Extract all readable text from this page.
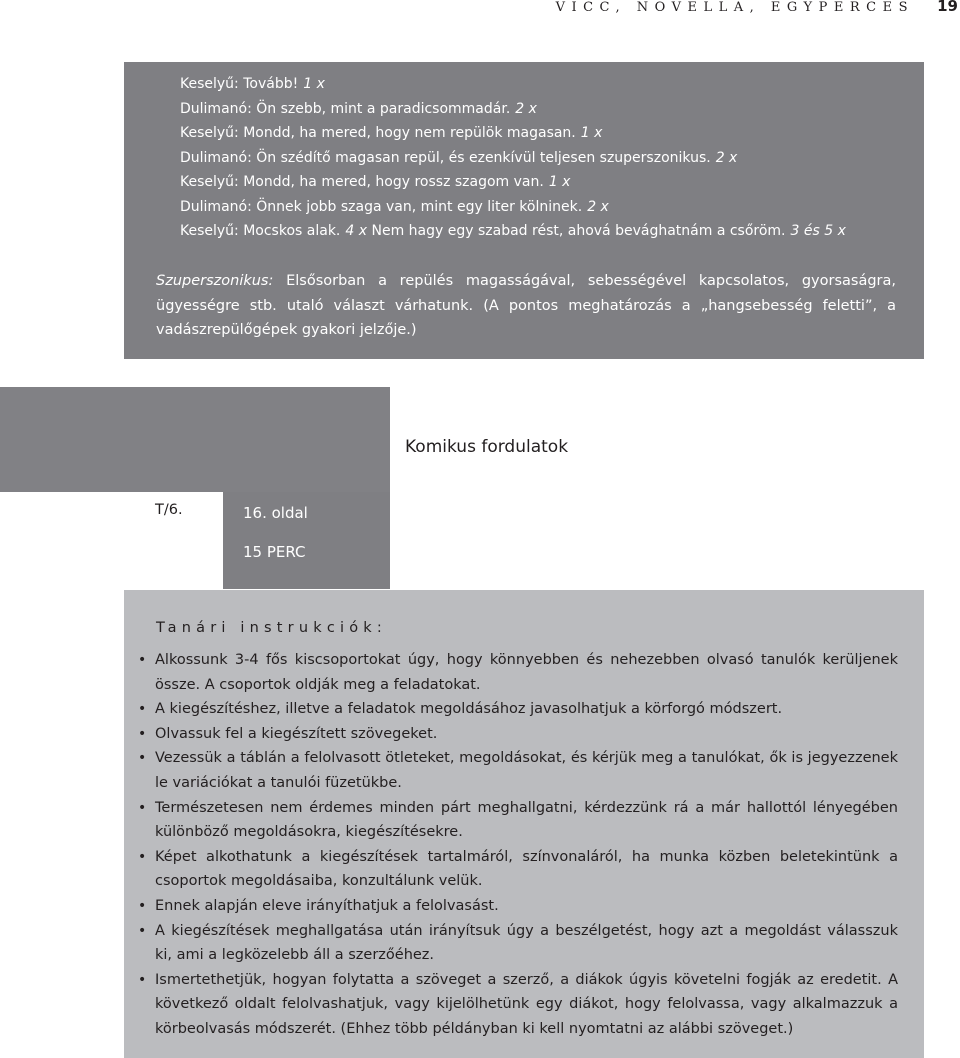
VICC, NOVELLA, EGYPERCES	19
Keselyű: Tovább! 1 x
Dulimanó: Ön szebb, mint a paradicsommadár. 2 x
Keselyű: Mondd, ha mered, hogy nem repülök magasan. 1 x
Dulimanó: Ön szédítő magasan repül, és ezenkívül teljesen szuperszonikus. 2 x
Keselyű: Mondd, ha mered, hogy rossz szagom van. 1 x
Dulimanó: Önnek jobb szaga van, mint egy liter kölninek. 2 x
Keselyű: Mocskos alak. 4 x Nem hagy egy szabad rést, ahová bevághatnám a csőröm. 3 és 5 x
Szuperszonikus: Elsősorban a repülés magasságával, sebességével kapcsolatos, gyorsaságra, ügyességre stb. utaló választ várhatunk. (A pontos meghatározás a „hangsebesség feletti”, a vadászrepülőgépek gyakori jelzője.)
Komikus fordulatok
T/6.	16. oldal
15 PERC
Tanári instrukciók:
• Alkossunk 3-4 fős kiscsoportokat úgy, hogy könnyebben és nehezebben olvasó tanulók kerüljenek össze. A csoportok oldják meg a feladatokat.
• A kiegészítéshez, illetve a feladatok megoldásához javasolhatjuk a körforgó módszert.
• Olvassuk fel a kiegészített szövegeket.
• Vezessük a táblán a felolvasott ötleteket, megoldásokat, és kérjük meg a tanulókat, ők is jegyezzenek le variációkat a tanulói füzetükbe.
• Természetesen nem érdemes minden párt meghallgatni, kérdezzünk rá a már hallottól lényegében különböző megoldásokra, kiegészítésekre.
• Képet alkothatunk a kiegészítések tartalmáról, színvonaláról, ha munka közben beletekintünk a csoportok megoldásaiba, konzultálunk velük.
• Ennek alapján eleve irányíthatjuk a felolvasást.
• A kiegészítések meghallgatása után irányítsuk úgy a beszélgetést, hogy azt a megoldást válasszuk ki, ami a legközelebb áll a szerzőéhez.
• Ismertethetjük, hogyan folytatta a szöveget a szerző, a diákok úgyis követelni fogják az eredetit. A következő oldalt felolvashatjuk, vagy kijelölhetünk egy diákot, hogy felolvassa, vagy alkalmazzuk a körbeolvasás módszerét. (Ehhez több példányban ki kell nyomtatni az alábbi szöveget.)
